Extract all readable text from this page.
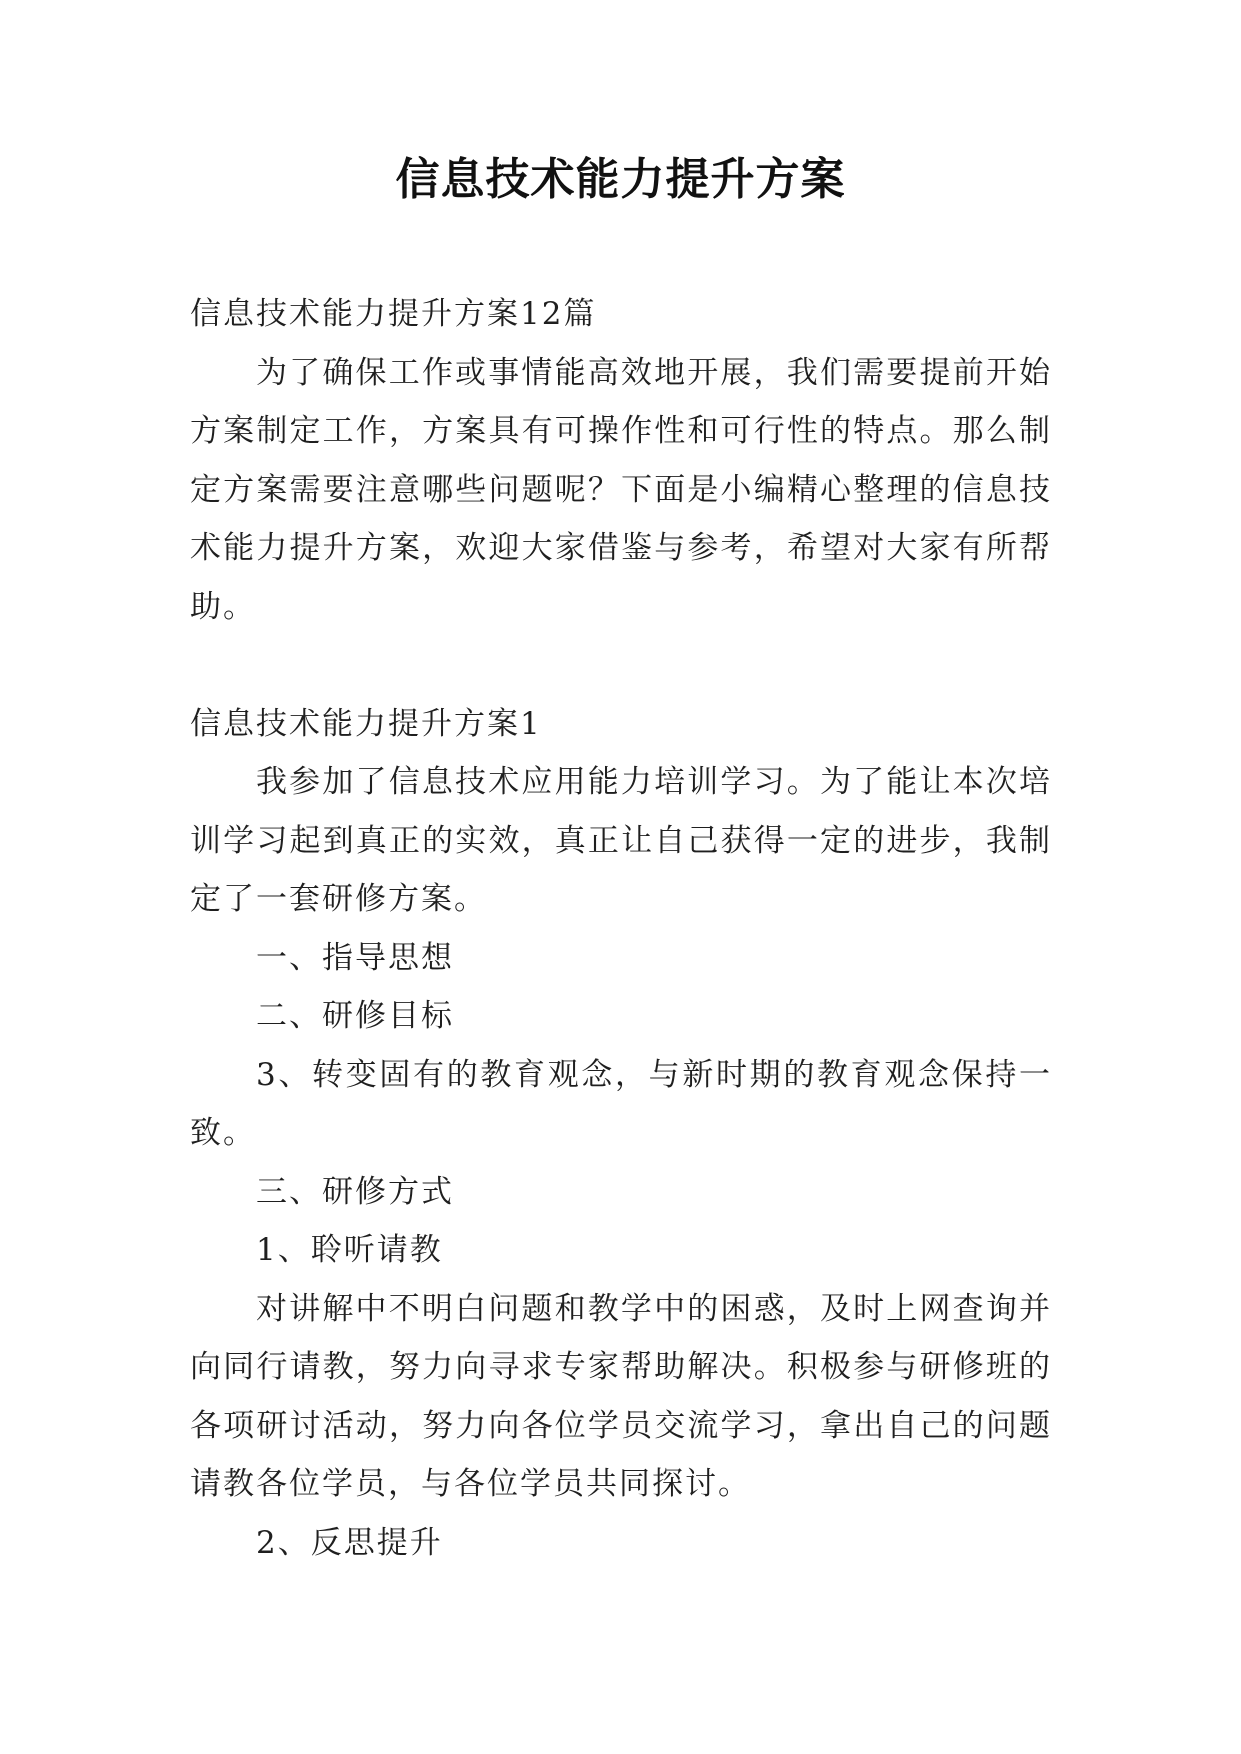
信息技术能力提升方案

信息技术能力提升方案12篇

为了确保工作或事情能高效地开展，我们需要提前开始方案制定工作，方案具有可操作性和可行性的特点。那么制定方案需要注意哪些问题呢？下面是小编精心整理的信息技术能力提升方案，欢迎大家借鉴与参考，希望对大家有所帮助。

信息技术能力提升方案1

我参加了信息技术应用能力培训学习。为了能让本次培训学习起到真正的实效，真正让自己获得一定的进步，我制定了一套研修方案。

一、指导思想

二、研修目标

3、转变固有的教育观念，与新时期的教育观念保持一致。

三、研修方式

1、聆听请教

对讲解中不明白问题和教学中的困惑，及时上网查询并向同行请教，努力向寻求专家帮助解决。积极参与研修班的各项研讨活动，努力向各位学员交流学习，拿出自己的问题请教各位学员，与各位学员共同探讨。

2、反思提升
